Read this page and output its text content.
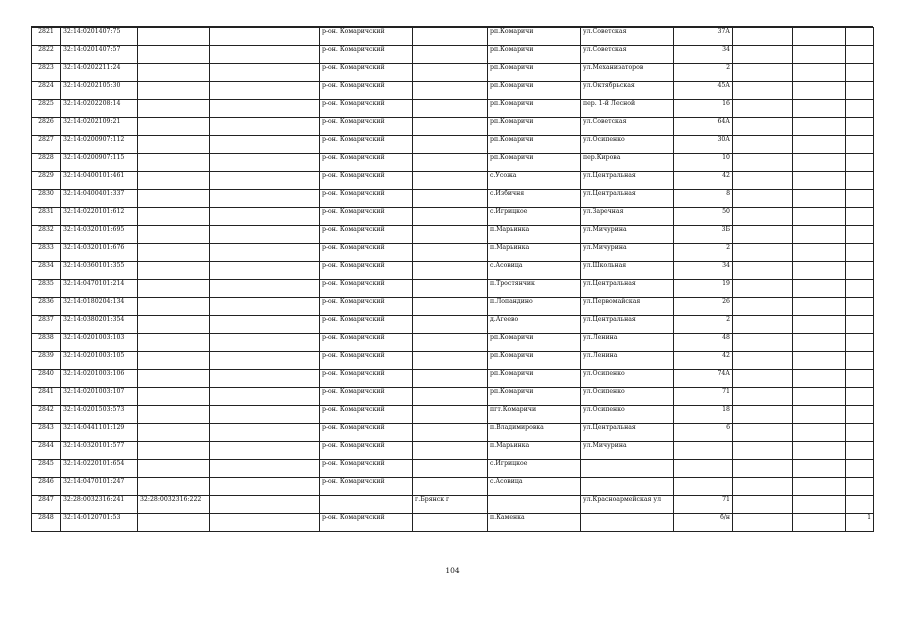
2821	32:14:0201407:75			р-он. Комаричский		рп.Комаричи	ул.Советская	37А			
2822	32:14:0201407:57			р-он. Комаричский		рп.Комаричи	ул.Советская	34			
2823	32:14:0202211:24			р-он. Комаричский		рп.Комаричи	ул.Механизаторов	2			
2824	32:14:0202105:30			р-он. Комаричский		рп.Комаричи	ул.Октябрьская	45А			
2825	32:14:0202208:14			р-он. Комаричский		рп.Комаричи	пер. 1-й Лесной	16			
2826	32:14:0202109:21			р-он. Комаричский		рп.Комаричи	ул.Советская	64А			
2827	32:14:0200907:112			р-он. Комаричский		рп.Комаричи	ул.Осипенко	30А			
2828	32:14:0200907:115			р-он. Комаричский		рп.Комаричи	пер.Кирова	10			
2829	32:14:0400101:461			р-он. Комаричский		с.Усожа	ул.Центральная	42			
2830	32:14:0400401:337			р-он. Комаричский		с.Избичня	ул.Центральная	8			
2831	32:14:0220101:612			р-он. Комаричский		с.Игрицкое	ул.Заречная	50			
2832	32:14:0320101:695			р-он. Комаричский		п.Марьинка	ул.Мичурина	3Б			
2833	32:14:0320101:676			р-он. Комаричский		п.Марьинка	ул.Мичурина	2			
2834	32:14:0360101:355			р-он. Комаричский		с.Асовица	ул.Школьная	34			
2835	32:14:0470101:214			р-он. Комаричский		п.Тростянчик	ул.Центральная	19			
2836	32:14:0180204:134			р-он. Комаричский		п.Лопандино	ул.Первомайская	26			
2837	32:14:0380201:354			р-он. Комаричский		д.Агеево	ул.Центральная	2			
2838	32:14:0201003:103			р-он. Комаричский		рп.Комаричи	ул.Ленина	48			
2839	32:14:0201003:105			р-он. Комаричский		рп.Комаричи	ул.Ленина	42			
2840	32:14:0201003:106			р-он. Комаричский		рп.Комаричи	ул.Осипенко	74А			
2841	32:14:0201003:107			р-он. Комаричский		рп.Комаричи	ул.Осипенко	71			
2842	32:14:0201503:573			р-он. Комаричский		пгт.Комаричи	ул.Осипенко	18			
2843	32:14:0441101:129			р-он. Комаричский		п.Владимировка	ул.Центральная	6			
2844	32:14:0320101:577			р-он. Комаричский		п.Марьинка	ул.Мичурина				
2845	32:14:0220101:654			р-он. Комаричский		с.Игрицкое					
2846	32:14:0470101:247			р-он. Комаричский		с.Асовица					
2847	32:28:0032316:241	32:28:0032316:222			г.Брянск г		ул.Красноармейская ул	71			
2848	32:14:0120701:53			р-он. Комаричский		п.Каменка		б/н			1
104
